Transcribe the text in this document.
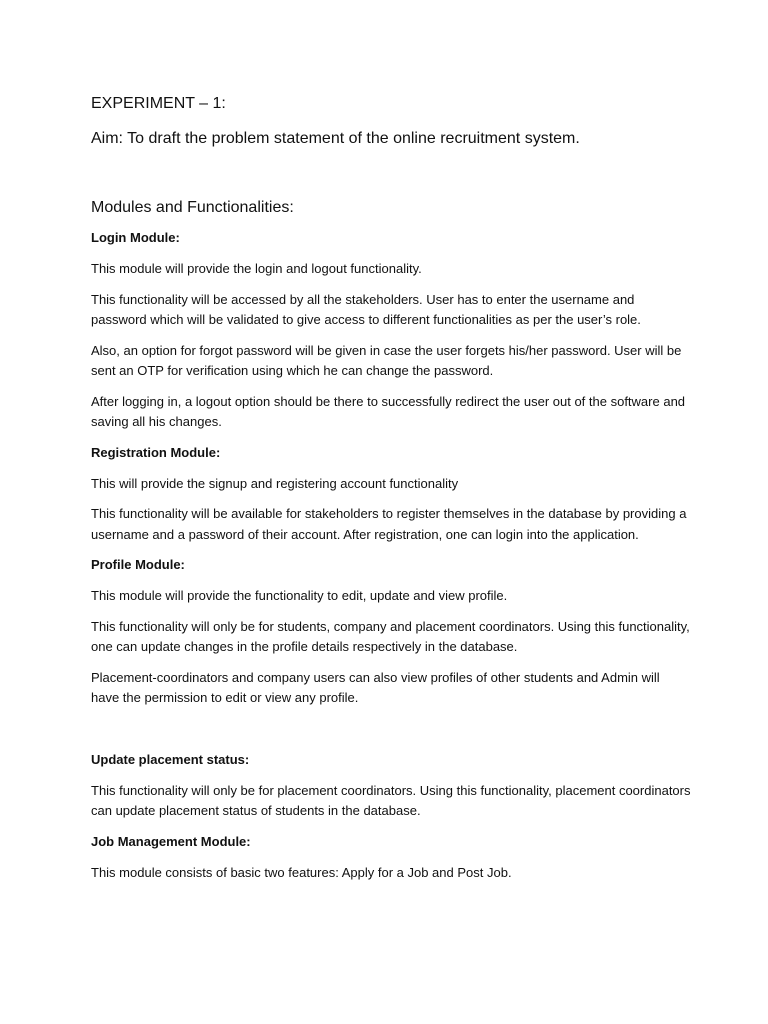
EXPERIMENT – 1:
Aim: To draft the problem statement of the online recruitment system.
Modules and Functionalities:
Login Module:
This module will provide the login and logout functionality.
This functionality will be accessed by all the stakeholders. User has to enter the username and password which will be validated to give access to different functionalities as per the user’s role.
Also, an option for forgot password will be given in case the user forgets his/her password. User will be sent an OTP for verification using which he can change the password.
After logging in, a logout option should be there to successfully redirect the user out of the software and saving all his changes.
Registration Module:
This will provide the signup and registering account functionality
This functionality will be available for stakeholders to register themselves in the database by providing a username and a password of their account. After registration, one can login into the application.
Profile Module:
This module will provide the functionality to edit, update and view profile.
This functionality will only be for students, company and placement coordinators. Using this functionality, one can update changes in the profile details respectively in the database.
Placement-coordinators and company users can also view profiles of other students and Admin will have the permission to edit or view any profile.
Update placement status:
This functionality will only be for placement coordinators. Using this functionality, placement coordinators can update placement status of students in the database.
Job Management Module:
This module consists of basic two features: Apply for a Job and Post Job.
